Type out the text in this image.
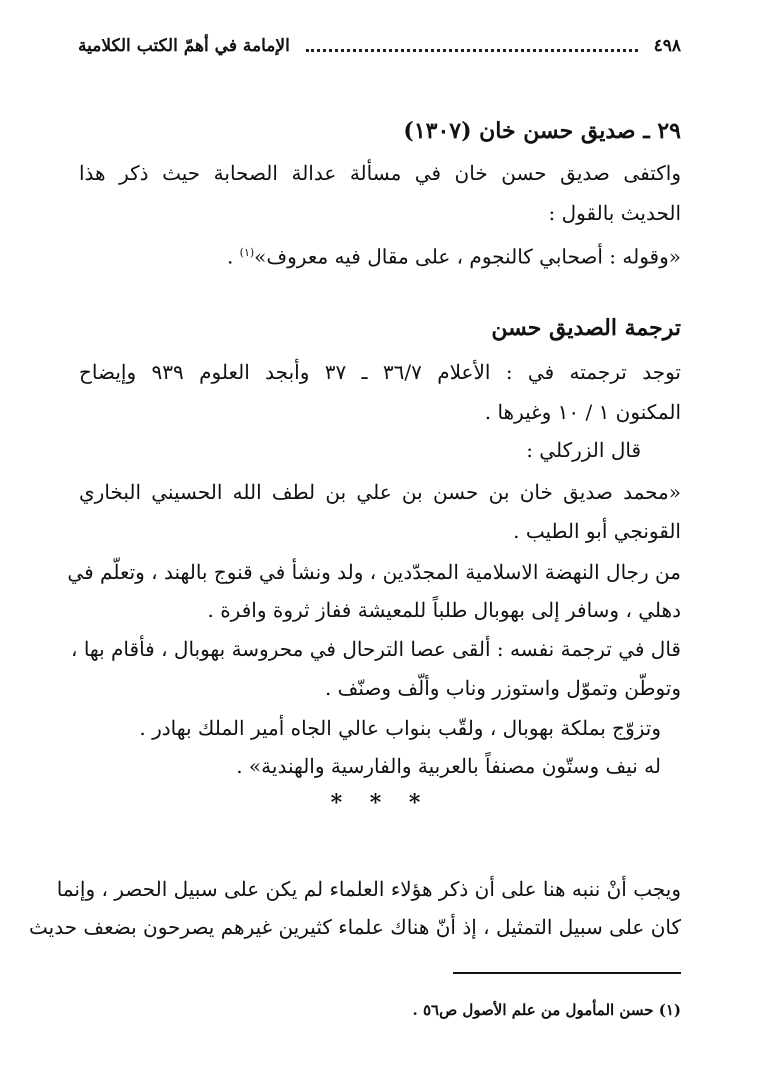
٤٩٨
الإمامة في أهمّ الكتب الكلامية
٢٩ ـ صديق حسن خان (١٣٠٧)
واكتفى صديق حسن خان في مسألة عدالة الصحابة حيث ذكر هذا
الحديث بالقول :
«وقوله : أصحابي كالنجوم ، على مقال فيه معروف»$^{(١)}$ .
ترجمة الصديق حسن
توجد ترجمته في : الأعلام ٣٦/٧ ـ ٣٧ وأبجد العلوم ٩٣٩ وإيضاح
المكنون ١ / ١٠ وغيرها .
قال الزركلي :
«محمد صديق خان بن حسن بن علي بن لطف الله الحسيني البخاري
القونجي أبو الطيب .
من رجال النهضة الاسلامية المجدّدين ، ولد ونشأ في قنوج بالهند ، وتعلّم في
دهلي ، وسافر إلى بهوبال طلباً للمعيشة ففاز ثروة وافرة .
قال في ترجمة نفسه : ألقى عصا الترحال في محروسة بهوبال ، فأقام بها ،
وتوطّن وتموّل واستوزر وناب وألّف وصنّف .
وتزوّج بملكة بهوبال ، ولقّب بنواب عالي الجاه أمير الملك بهادر .
له نيف وستّون مصنفاً بالعربية والفارسية والهندية» .
* * *
ويجب أنْ ننبه هنا على أن ذكر هؤلاء العلماء لم يكن على سبيل الحصر ، وإنما
كان على سبيل التمثيل ، إذ أنّ هناك علماء كثيرين غيرهم يصرحون بضعف حديث
(١) حسن المأمول من علم الأصول ص٥٦ .
